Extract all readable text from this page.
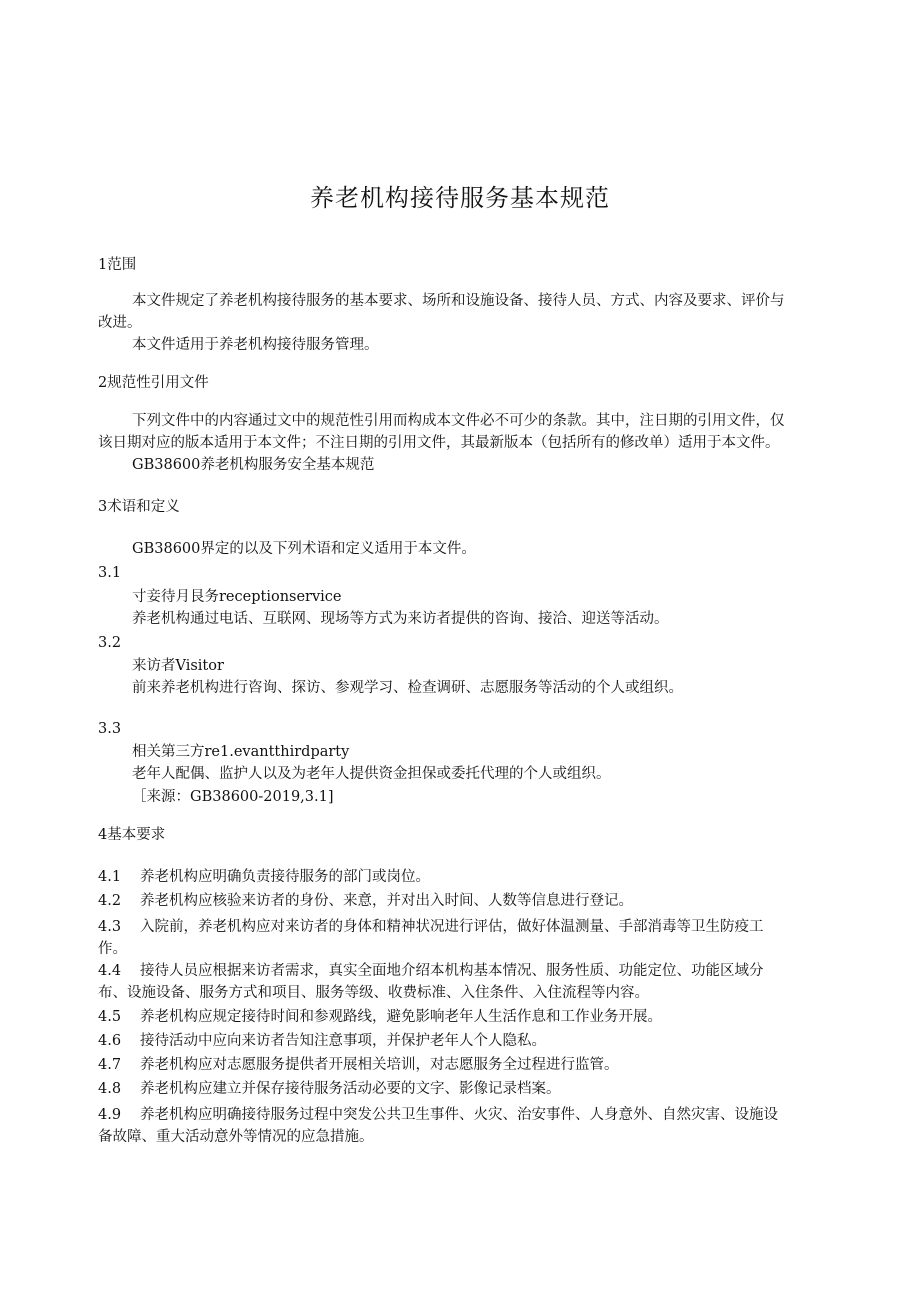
养老机构接待服务基本规范
1范围
本文件规定了养老机构接待服务的基本要求、场所和设施设备、接待人员、方式、内容及要求、评价与
改进。
本文件适用于养老机构接待服务管理。
2规范性引用文件
下列文件中的内容通过文中的规范性引用而构成本文件必不可少的条款。其中，注日期的引用文件，仅
该日期对应的版本适用于本文件；不注日期的引用文件，其最新版本（包括所有的修改单）适用于本文件。
GB38600养老机构服务安全基本规范
3术语和定义
GB38600界定的以及下列术语和定义适用于本文件。
3.1
寸妾待月艮务receptionservice
养老机构通过电话、互联网、现场等方式为来访者提供的咨询、接洽、迎送等活动。
3.2
来访者Visitor
前来养老机构进行咨询、探访、参观学习、检查调研、志愿服务等活动的个人或组织。
3.3
相关第三方re1.evantthirdparty
老年人配偶、监护人以及为老年人提供资金担保或委托代理的个人或组织。
［来源：GB38600-2019,3.1]
4基本要求
4.1 养老机构应明确负责接待服务的部门或岗位。
4.2 养老机构应核验来访者的身份、来意，并对出入时间、人数等信息进行登记。
4.3 入院前，养老机构应对来访者的身体和精神状况进行评估，做好体温测量、手部消毒等卫生防疫工
作。
4.4 接待人员应根据来访者需求，真实全面地介绍本机构基本情况、服务性质、功能定位、功能区域分
布、设施设备、服务方式和项目、服务等级、收费标准、入住条件、入住流程等内容。
4.5 养老机构应规定接待时间和参观路线，避免影响老年人生活作息和工作业务开展。
4.6 接待活动中应向来访者告知注意事项，并保护老年人个人隐私。
4.7 养老机构应对志愿服务提供者开展相关培训，对志愿服务全过程进行监管。
4.8 养老机构应建立并保存接待服务活动必要的文字、影像记录档案。
4.9 养老机构应明确接待服务过程中突发公共卫生事件、火灾、治安事件、人身意外、自然灾害、设施设
备故障、重大活动意外等情况的应急措施。
